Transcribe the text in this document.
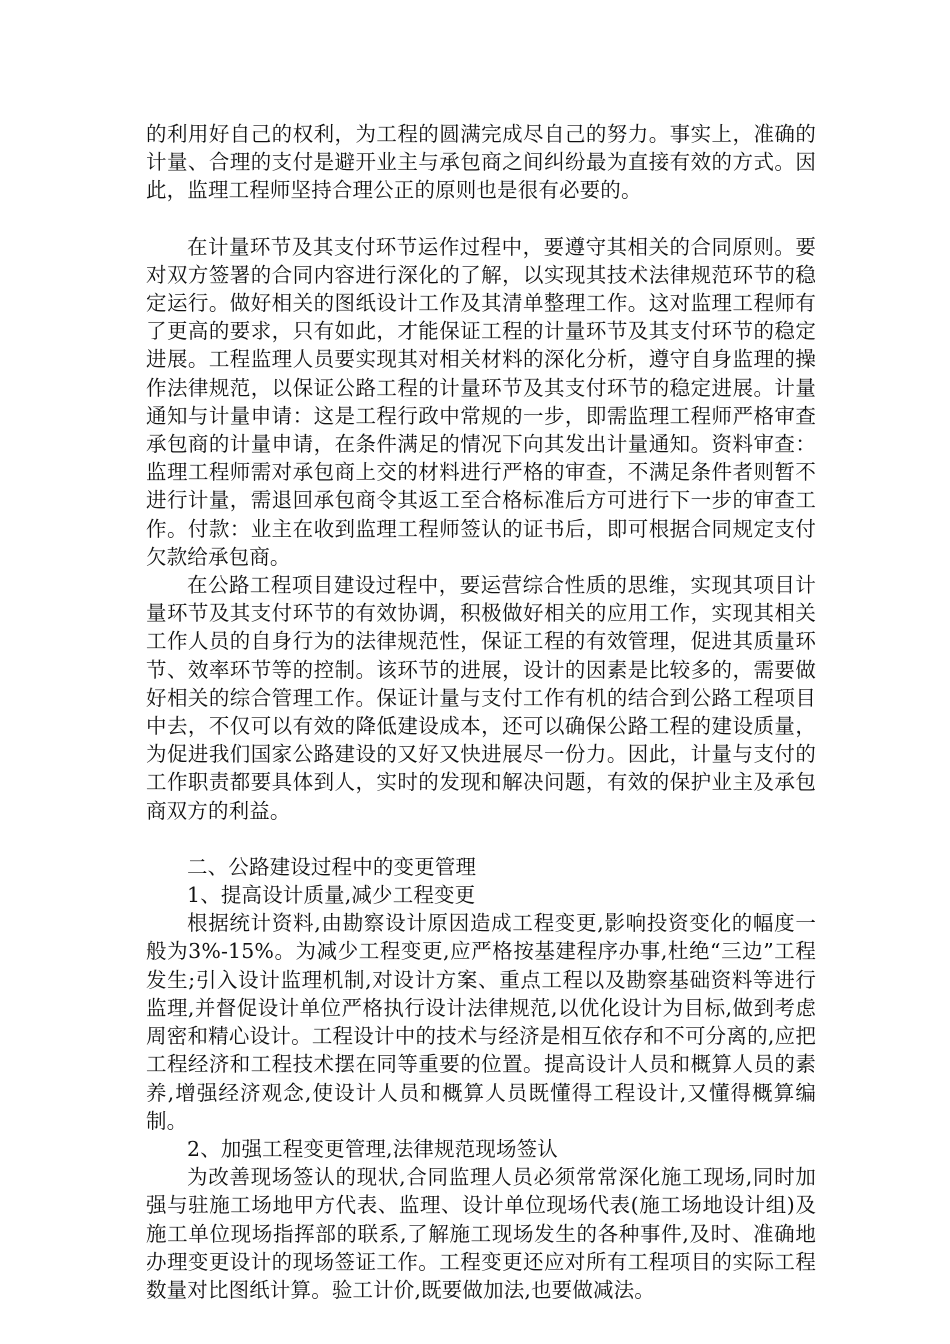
的利用好自己的权利，为工程的圆满完成尽自己的努力。事实上，准确的计量、合理的支付是避开业主与承包商之间纠纷最为直接有效的方式。因此，监理工程师坚持合理公正的原则也是很有必要的。

在计量环节及其支付环节运作过程中，要遵守其相关的合同原则。要对双方签署的合同内容进行深化的了解，以实现其技术法律规范环节的稳定运行。做好相关的图纸设计工作及其清单整理工作。这对监理工程师有了更高的要求，只有如此，才能保证工程的计量环节及其支付环节的稳定进展。工程监理人员要实现其对相关材料的深化分析，遵守自身监理的操作法律规范，以保证公路工程的计量环节及其支付环节的稳定进展。计量通知与计量申请：这是工程行政中常规的一步，即需监理工程师严格审查承包商的计量申请，在条件满足的情况下向其发出计量通知。资料审查：监理工程师需对承包商上交的材料进行严格的审查，不满足条件者则暂不进行计量，需退回承包商令其返工至合格标准后方可进行下一步的审查工作。付款：业主在收到监理工程师签认的证书后，即可根据合同规定支付欠款给承包商。

在公路工程项目建设过程中，要运营综合性质的思维，实现其项目计量环节及其支付环节的有效协调，积极做好相关的应用工作，实现其相关工作人员的自身行为的法律规范性，保证工程的有效管理，促进其质量环节、效率环节等的控制。该环节的进展，设计的因素是比较多的，需要做好相关的综合管理工作。保证计量与支付工作有机的结合到公路工程项目中去，不仅可以有效的降低建设成本，还可以确保公路工程的建设质量，为促进我们国家公路建设的又好又快进展尽一份力。因此，计量与支付的工作职责都要具体到人，实时的发现和解决问题，有效的保护业主及承包商双方的利益。

二、公路建设过程中的变更管理

1、提高设计质量,减少工程变更

根据统计资料,由勘察设计原因造成工程变更,影响投资变化的幅度一般为3%-15%。为减少工程变更,应严格按基建程序办事,杜绝“三边”工程发生;引入设计监理机制,对设计方案、重点工程以及勘察基础资料等进行监理,并督促设计单位严格执行设计法律规范,以优化设计为目标,做到考虑周密和精心设计。工程设计中的技术与经济是相互依存和不可分离的,应把工程经济和工程技术摆在同等重要的位置。提高设计人员和概算人员的素养,增强经济观念,使设计人员和概算人员既懂得工程设计,又懂得概算编制。

2、加强工程变更管理,法律规范现场签认

为改善现场签认的现状,合同监理人员必须常常深化施工现场,同时加强与驻施工场地甲方代表、监理、设计单位现场代表(施工场地设计组)及施工单位现场指挥部的联系,了解施工现场发生的各种事件,及时、准确地办理变更设计的现场签证工作。工程变更还应对所有工程项目的实际工程数量对比图纸计算。验工计价,既要做加法,也要做减法。
